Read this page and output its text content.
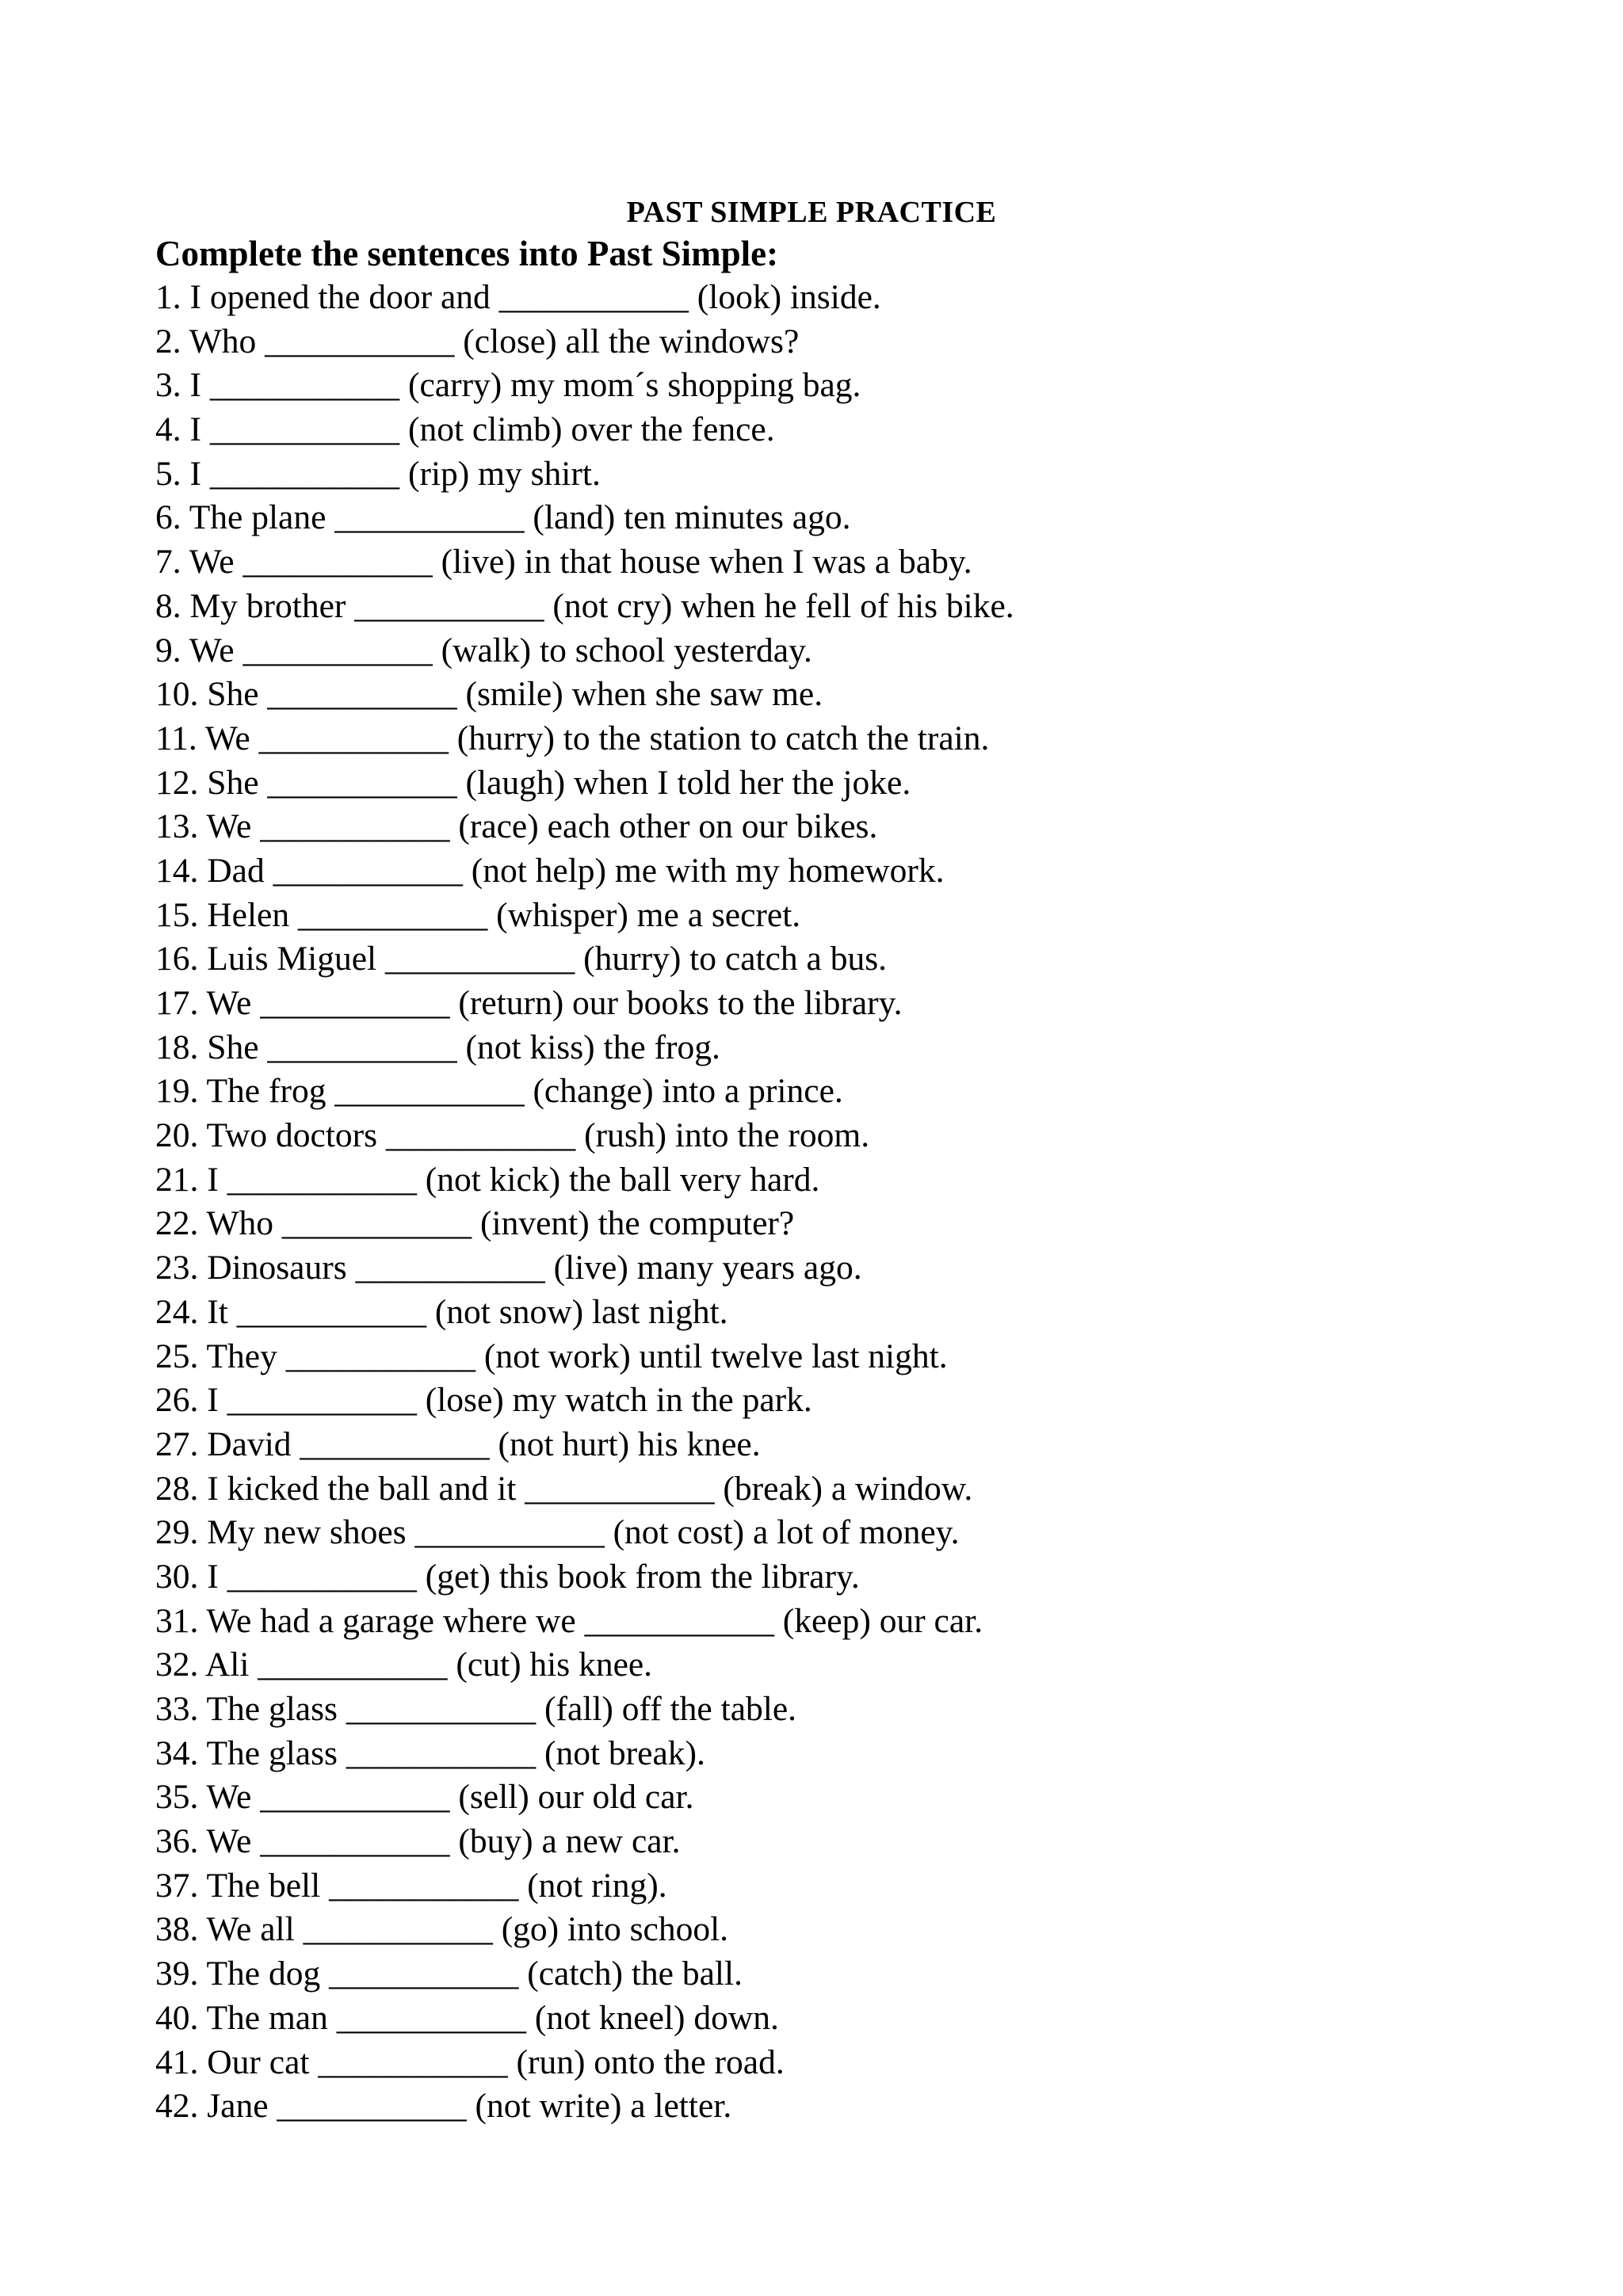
PAST SIMPLE PRACTICE
Complete the sentences into Past Simple:
1. I opened the door and ___________ (look) inside.
2. Who ___________ (close) all the windows?
3. I ___________ (carry) my mom´s shopping bag.
4. I ___________ (not climb) over the fence.
5. I ___________ (rip) my shirt.
6. The plane ___________ (land) ten minutes ago.
7. We ___________ (live) in that house when I was a baby.
8. My brother ___________ (not cry) when he fell of his bike.
9. We ___________ (walk) to school yesterday.
10. She ___________ (smile) when she saw me.
11. We ___________ (hurry) to the station to catch the train.
12. She ___________ (laugh) when I told her the joke.
13. We ___________ (race) each other on our bikes.
14. Dad ___________ (not help) me with my homework.
15. Helen ___________ (whisper) me a secret.
16. Luis Miguel ___________ (hurry) to catch a bus.
17. We ___________ (return) our books to the library.
18. She ___________ (not kiss) the frog.
19. The frog ___________ (change) into a prince.
20. Two doctors ___________ (rush) into the room.
21. I ___________ (not kick) the ball very hard.
22. Who ___________ (invent) the computer?
23. Dinosaurs ___________ (live) many years ago.
24. It ___________ (not snow) last night.
25. They ___________ (not work) until twelve last night.
26. I ___________ (lose) my watch in the park.
27. David ___________ (not hurt) his knee.
28. I kicked the ball and it ___________ (break) a window.
29. My new shoes ___________ (not cost) a lot of money.
30. I ___________ (get) this book from the library.
31. We had a garage where we ___________ (keep) our car.
32. Ali ___________ (cut) his knee.
33. The glass ___________ (fall) off the table.
34. The glass ___________ (not break).
35. We ___________ (sell) our old car.
36. We ___________ (buy) a new car.
37. The bell ___________ (not ring).
38. We all ___________ (go) into school.
39. The dog ___________ (catch) the ball.
40. The man ___________ (not kneel) down.
41. Our cat ___________ (run) onto the road.
42. Jane ___________ (not write) a letter.
